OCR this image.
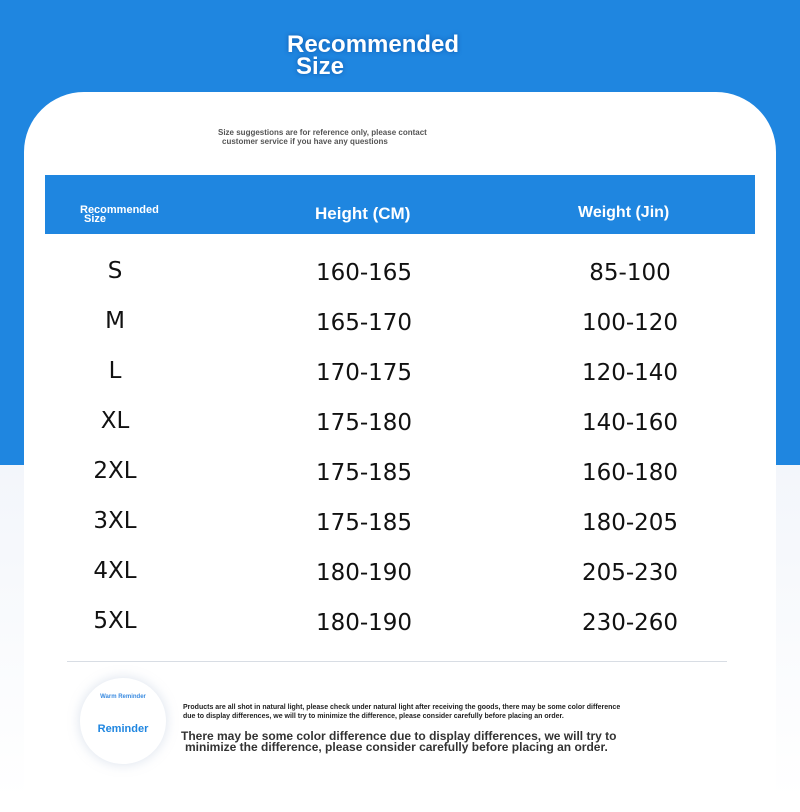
Recommended
Size
Size suggestions are for reference only, please contact
customer service if you have any questions
Recommended
Size	Height (CM)	Weight (Jin)
S	160-165	85-100
M	165-170	100-120
L	170-175	120-140
XL	175-180	140-160
2XL	175-185	160-180
3XL	175-185	180-205
4XL	180-190	205-230
5XL	180-190	230-260
Warm Reminder
Reminder
Products are all shot in natural light, please check under natural light after receiving the goods, there may be some color difference
due to display differences, we will try to minimize the difference, please consider carefully before placing an order.
There may be some color difference due to display differences, we will try to
minimize the difference, please consider carefully before placing an order.
